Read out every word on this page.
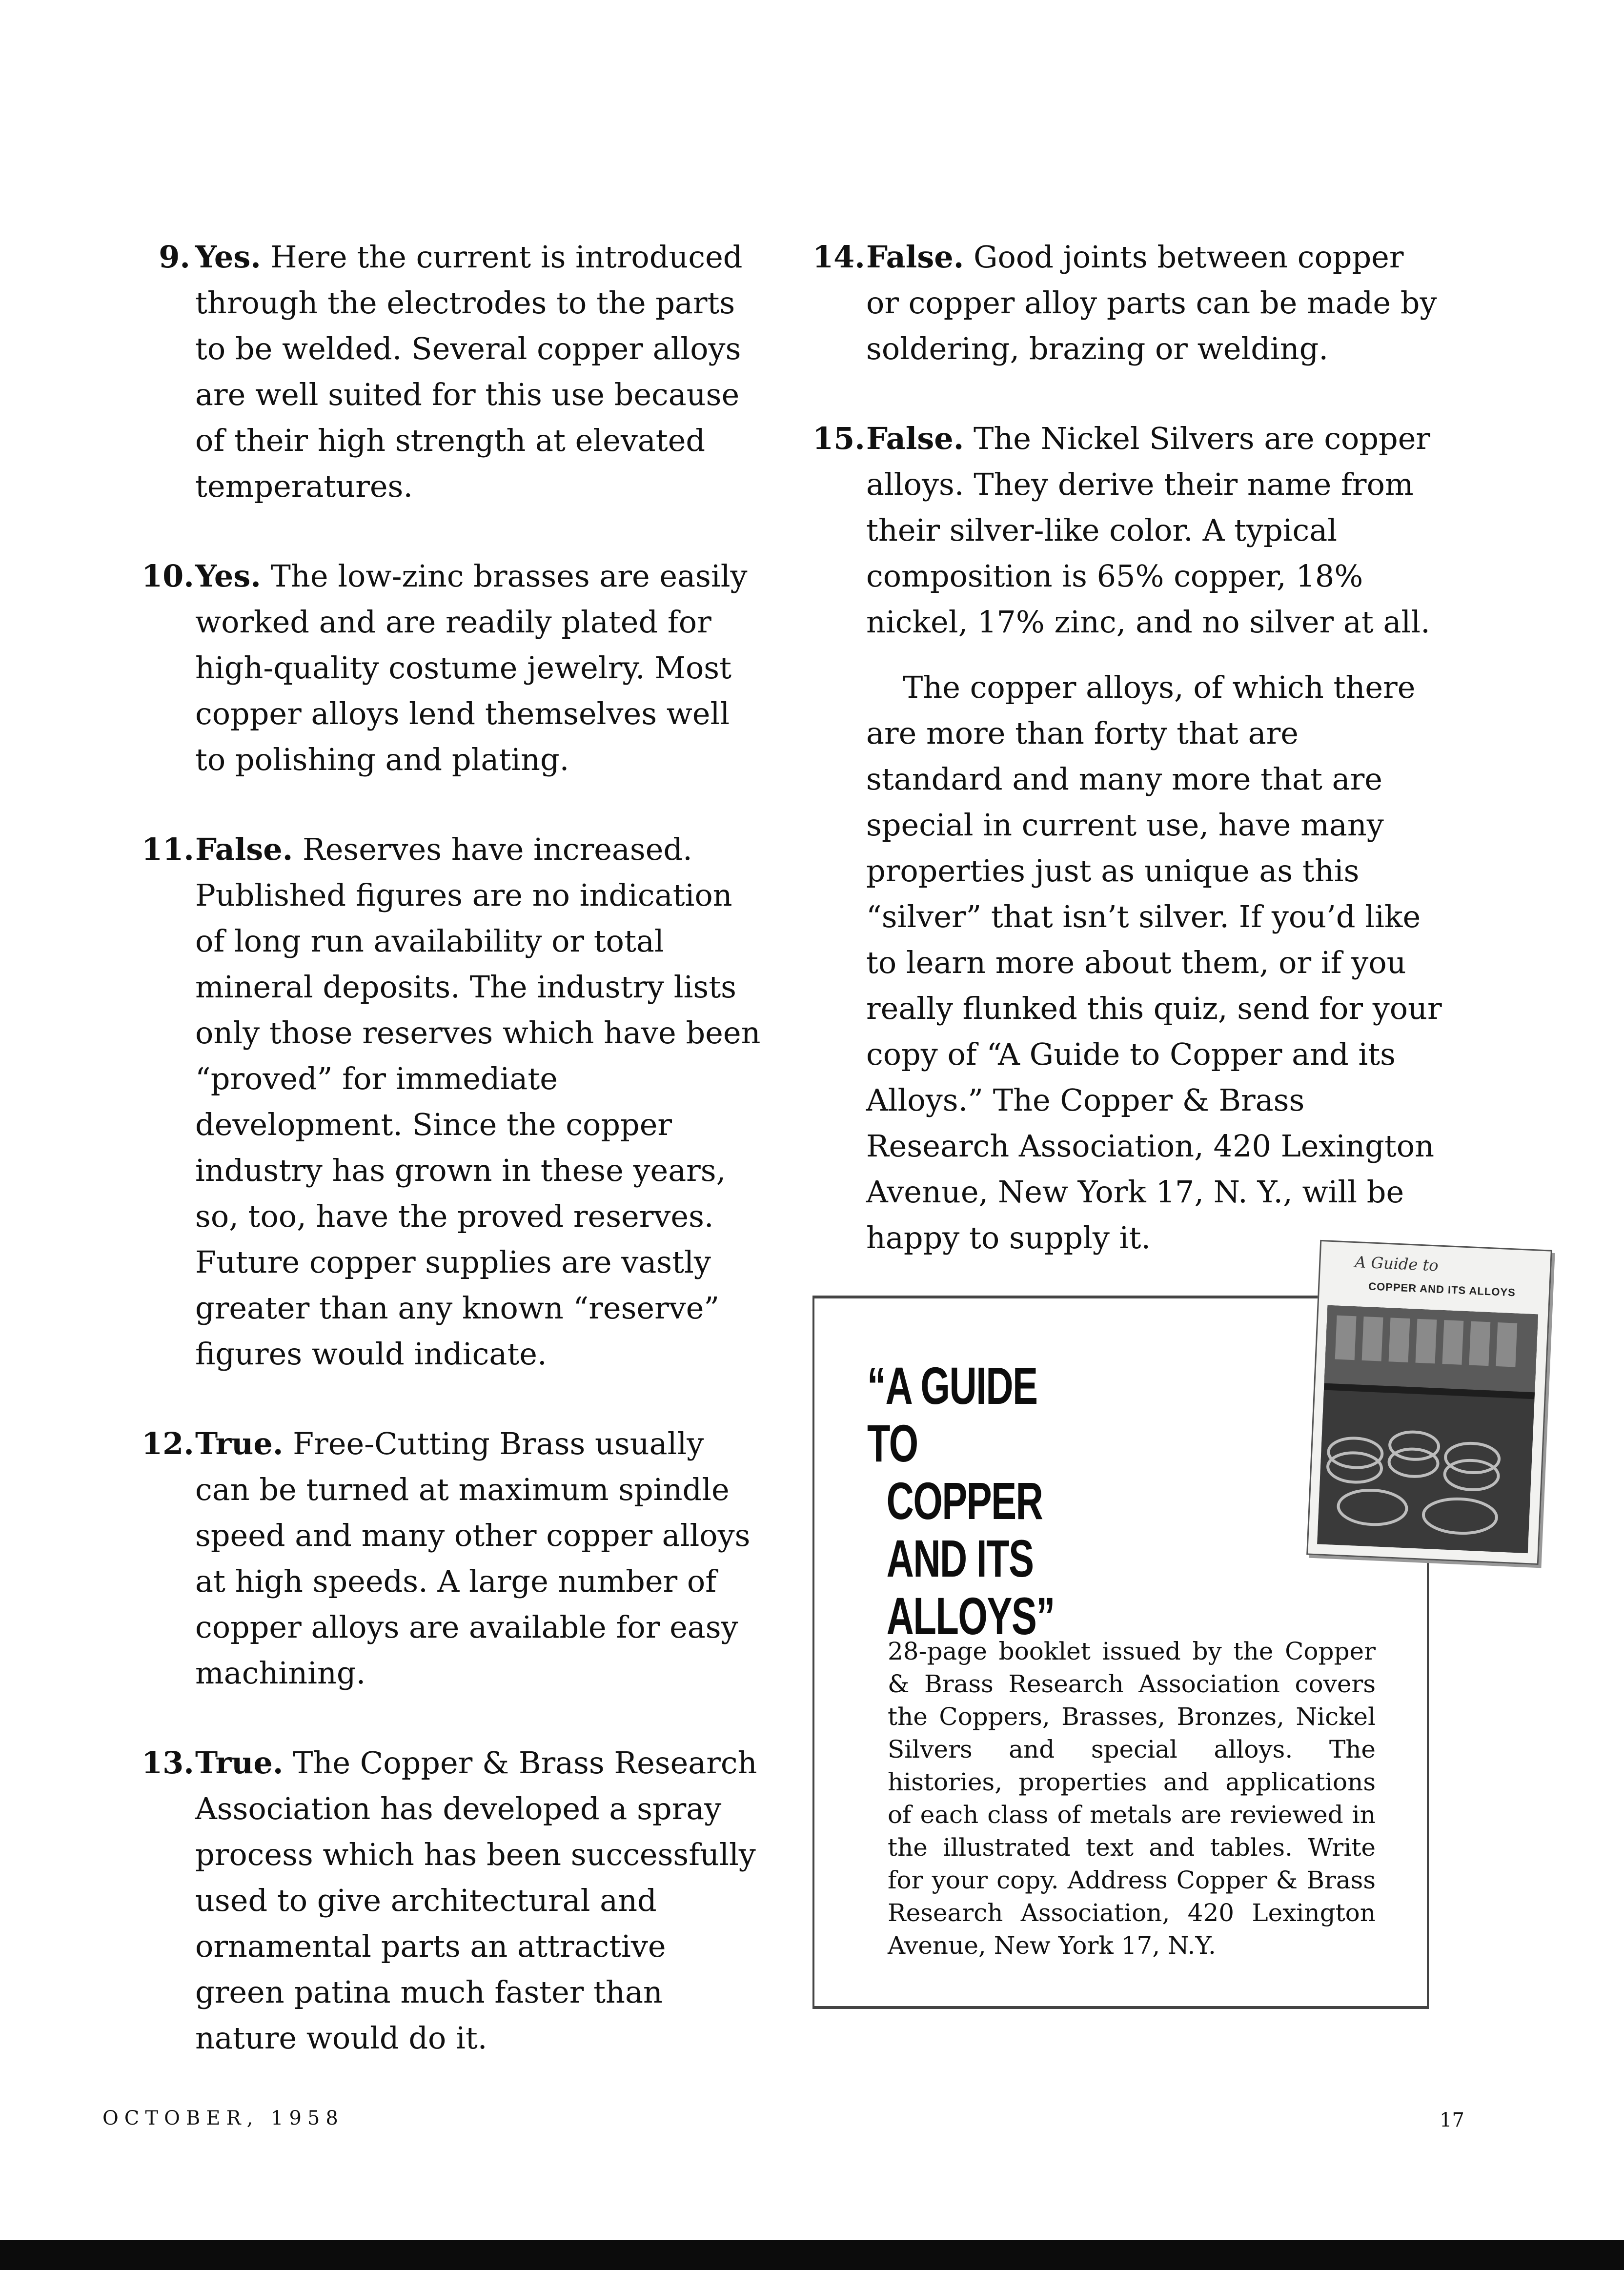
9. Yes. Here the current is introduced through the electrodes to the parts to be welded. Several copper alloys are well suited for this use because of their high strength at elevated temperatures.
10. Yes. The low-zinc brasses are easily worked and are readily plated for high-quality costume jewelry. Most copper alloys lend themselves well to polishing and plating.
11. False. Reserves have increased. Published figures are no indication of long run availability or total mineral deposits. The industry lists only those reserves which have been “proved” for immediate development. Since the copper industry has grown in these years, so, too, have the proved reserves. Future copper supplies are vastly greater than any known “reserve” figures would indicate.
12. True. Free-Cutting Brass usually can be turned at maximum spindle speed and many other copper alloys at high speeds. A large number of copper alloys are available for easy machining.
13. True. The Copper & Brass Research Association has developed a spray process which has been successfully used to give architectural and ornamental parts an attractive green patina much faster than nature would do it.
14. False. Good joints between copper or copper alloy parts can be made by soldering, brazing or welding.
15. False. The Nickel Silvers are copper alloys. They derive their name from their silver-like color. A typical composition is 65% copper, 18% nickel, 17% zinc, and no silver at all.

The copper alloys, of which there are more than forty that are standard and many more that are special in current use, have many properties just as unique as this “silver” that isn’t silver. If you’d like to learn more about them, or if you really flunked this quiz, send for your copy of “A Guide to Copper and its Alloys.” The Copper & Brass Research Association, 420 Lexington Avenue, New York 17, N. Y., will be happy to supply it.

“A GUIDE TO
COPPER
AND ITS
ALLOYS”
A Guide to
COPPER AND ITS ALLOYS

28-page booklet issued by the Copper & Brass Research Association covers the Coppers, Brasses, Bronzes, Nickel Silvers and special alloys. The histories, properties and applications of each class of metals are reviewed in the illustrated text and tables. Write for your copy. Address Copper & Brass Research Association, 420 Lexington Avenue, New York 17, N.Y.

OCTOBER, 1958	17
